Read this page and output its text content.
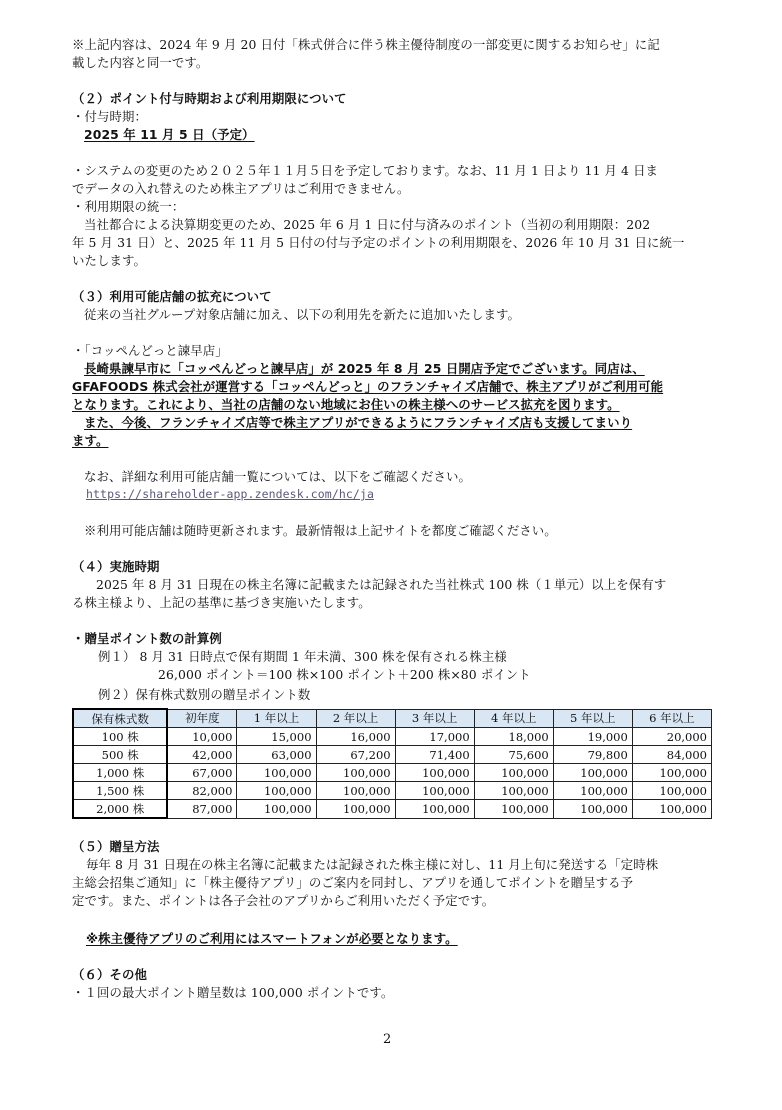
※上記内容は、2024 年 9 月 20 日付「株式併合に伴う株主優待制度の一部変更に関するお知らせ」に記
載した内容と同一です。
（２）ポイント付与時期および利用期限について
・付与時期：
2025 年 11 月 5 日（予定）
・システムの変更のため２０２５年１１月５日を予定しております。なお、11 月 1 日より 11 月 4 日ま
でデータの入れ替えのため株主アプリはご利用できません。
・利用期限の統一：
当社都合による決算期変更のため、2025 年 6 月 1 日に付与済みのポイント（当初の利用期限：202
年 5 月 31 日）と、2025 年 11 月 5 日付の付与予定のポイントの利用期限を、2026 年 10 月 31 日に統一
いたします。
（３）利用可能店舗の拡充について
従来の当社グループ対象店舗に加え、以下の利用先を新たに追加いたします。
・「コッペんどっと諫早店」
長崎県諫早市に「コッペんどっと諫早店」が 2025 年 8 月 25 日開店予定でございます。同店は、
GFAFOODS 株式会社が運営する「コッペんどっと」のフランチャイズ店舗で、株主アプリがご利用可能
となります。これにより、当社の店舗のない地域にお住いの株主様へのサービス拡充を図ります。
また、今後、フランチャイズ店等で株主アプリができるようにフランチャイズ店も支援してまいり
ます。
なお、詳細な利用可能店舗一覧については、以下をご確認ください。
https://shareholder-app.zendesk.com/hc/ja
※利用可能店舗は随時更新されます。最新情報は上記サイトを都度ご確認ください。
（４）実施時期
2025 年 8 月 31 日現在の株主名簿に記載または記録された当社株式 100 株（１単元）以上を保有す
る株主様より、上記の基準に基づき実施いたします。
・贈呈ポイント数の計算例
例１） 8 月 31 日時点で保有期間 1 年未満、300 株を保有される株主様
26,000 ポイント＝100 株×100 ポイント＋200 株×80 ポイント
例２）保有株式数別の贈呈ポイント数
保有株式数	初年度	1 年以上	2 年以上	3 年以上	4 年以上	5 年以上	6 年以上
100 株	10,000	15,000	16,000	17,000	18,000	19,000	20,000
500 株	42,000	63,000	67,200	71,400	75,600	79,800	84,000
1,000 株	67,000	100,000	100,000	100,000	100,000	100,000	100,000
1,500 株	82,000	100,000	100,000	100,000	100,000	100,000	100,000
2,000 株	87,000	100,000	100,000	100,000	100,000	100,000	100,000
（５）贈呈方法
毎年 8 月 31 日現在の株主名簿に記載または記録された株主様に対し、11 月上旬に発送する「定時株
主総会招集ご通知」に「株主優待アプリ」のご案内を同封し、アプリを通してポイントを贈呈する予
定です。また、ポイントは各子会社のアプリからご利用いただく予定です。
※株主優待アプリのご利用にはスマートフォンが必要となります。
（６）その他
・１回の最大ポイント贈呈数は 100,000 ポイントです。
2
